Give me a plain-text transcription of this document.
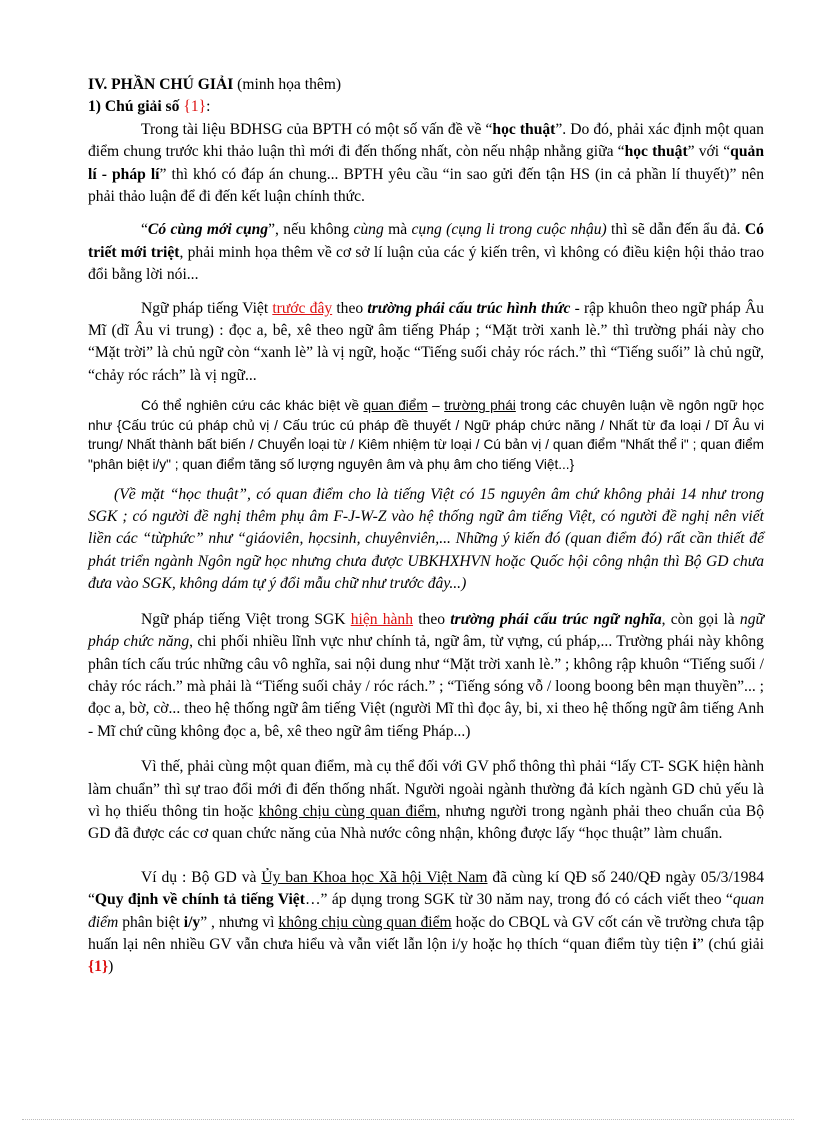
IV. PHẦN CHÚ GIẢI (minh họa thêm)

1) Chú giải số {1}:

Trong tài liệu BDHSG của BPTH có một số vấn đề về “học thuật”. Do đó, phải xác định một quan điểm chung trước khi thảo luận thì mới đi đến thống nhất, còn nếu nhập nhằng giữa “học thuật” với “quản lí - pháp lí” thì khó có đáp án chung... BPTH yêu cầu “in sao gửi đến tận HS (in cả phần lí thuyết)” nên phải thảo luận để đi đến kết luận chính thức.

“Có cùng mới cụng”, nếu không cùng mà cụng (cụng li trong cuộc nhậu) thì sẽ dẫn đến ẩu đả. Có triết mới triệt, phải minh họa thêm về cơ sở lí luận của các ý kiến trên, vì không có điều kiện hội thảo trao đổi bằng lời nói...

Ngữ pháp tiếng Việt trước đây theo trường phái cấu trúc hình thức - rập khuôn theo ngữ pháp Âu Mĩ (dĩ Âu vi trung) : đọc a, bê, xê theo ngữ âm tiếng Pháp ; “Mặt trời xanh lè.” thì trường phái này cho “Mặt trời” là chủ ngữ còn “xanh lè” là vị ngữ, hoặc “Tiếng suối chảy róc rách.” thì “Tiếng suối” là chủ ngữ, “chảy róc rách” là vị ngữ...

Có thể nghiên cứu các khác biệt về quan điểm – trường phái trong các chuyên luận về ngôn ngữ học như {Cấu trúc cú pháp chủ vị / Cấu trúc cú pháp đề thuyết / Ngữ pháp chức năng / Nhất từ đa loại / Dĩ Âu vi trung/ Nhất thành bất biến / Chuyển loại từ / Kiêm nhiệm từ loại / Cú bản vị / quan điểm "Nhất thể i" ; quan điểm "phân biệt i/y" ; quan điểm tăng số lượng nguyên âm và phụ âm cho tiếng Việt...}

(Về mặt “học thuật”, có quan điểm cho là tiếng Việt có 15 nguyên âm chứ không phải 14 như trong SGK ; có người đề nghị thêm phụ âm F-J-W-Z vào hệ thống ngữ âm tiếng Việt, có người đề nghị nên viết liền các “từphức” như “giáoviên, họcsinh, chuyênviên,... Những ý kiến đó (quan điểm đó) rất cần thiết để phát triển ngành Ngôn ngữ học nhưng chưa được UBKHXHVN hoặc Quốc hội công nhận thì Bộ GD chưa đưa vào SGK, không dám tự ý đổi mẫu chữ như trước đây...)

Ngữ pháp tiếng Việt trong SGK hiện hành theo trường phái cấu trúc ngữ nghĩa, còn gọi là ngữ pháp chức năng, chi phối nhiều lĩnh vực như chính tả, ngữ âm, từ vựng, cú pháp,... Trường phái này không phân tích cấu trúc những câu vô nghĩa, sai nội dung như “Mặt trời xanh lè.” ; không rập khuôn “Tiếng suối / chảy róc rách.” mà phải là “Tiếng suối chảy / róc rách.” ; “Tiếng sóng vỗ / loong boong bên mạn thuyền”... ; đọc a, bờ, cờ... theo hệ thống ngữ âm tiếng Việt (người Mĩ thì đọc ây, bi, xi theo hệ thống ngữ âm tiếng Anh - Mĩ chứ cũng không đọc a, bê, xê theo ngữ âm tiếng Pháp...)

Vì thế, phải cùng một quan điểm, mà cụ thể đối với GV phổ thông thì phải “lấy CT- SGK hiện hành làm chuẩn” thì sự trao đổi mới đi đến thống nhất. Người ngoài ngành thường đả kích ngành GD chủ yếu là vì họ thiếu thông tin hoặc không chịu cùng quan điểm, nhưng người trong ngành phải theo chuẩn của Bộ GD đã được các cơ quan chức năng của Nhà nước công nhận, không được lấy “học thuật” làm chuẩn.

Ví dụ : Bộ GD và Ủy ban Khoa học Xã hội Việt Nam đã cùng kí QĐ số 240/QĐ ngày 05/3/1984 “Quy định về chính tả tiếng Việt…” áp dụng trong SGK từ 30 năm nay, trong đó có cách viết theo “quan điểm phân biệt i/y” , nhưng vì không chịu cùng quan điểm hoặc do CBQL và GV cốt cán về trường chưa tập huấn lại nên nhiều GV vẫn chưa hiểu và vẫn viết lẫn lộn i/y hoặc họ thích “quan điểm tùy tiện i” (chú giải {1})
